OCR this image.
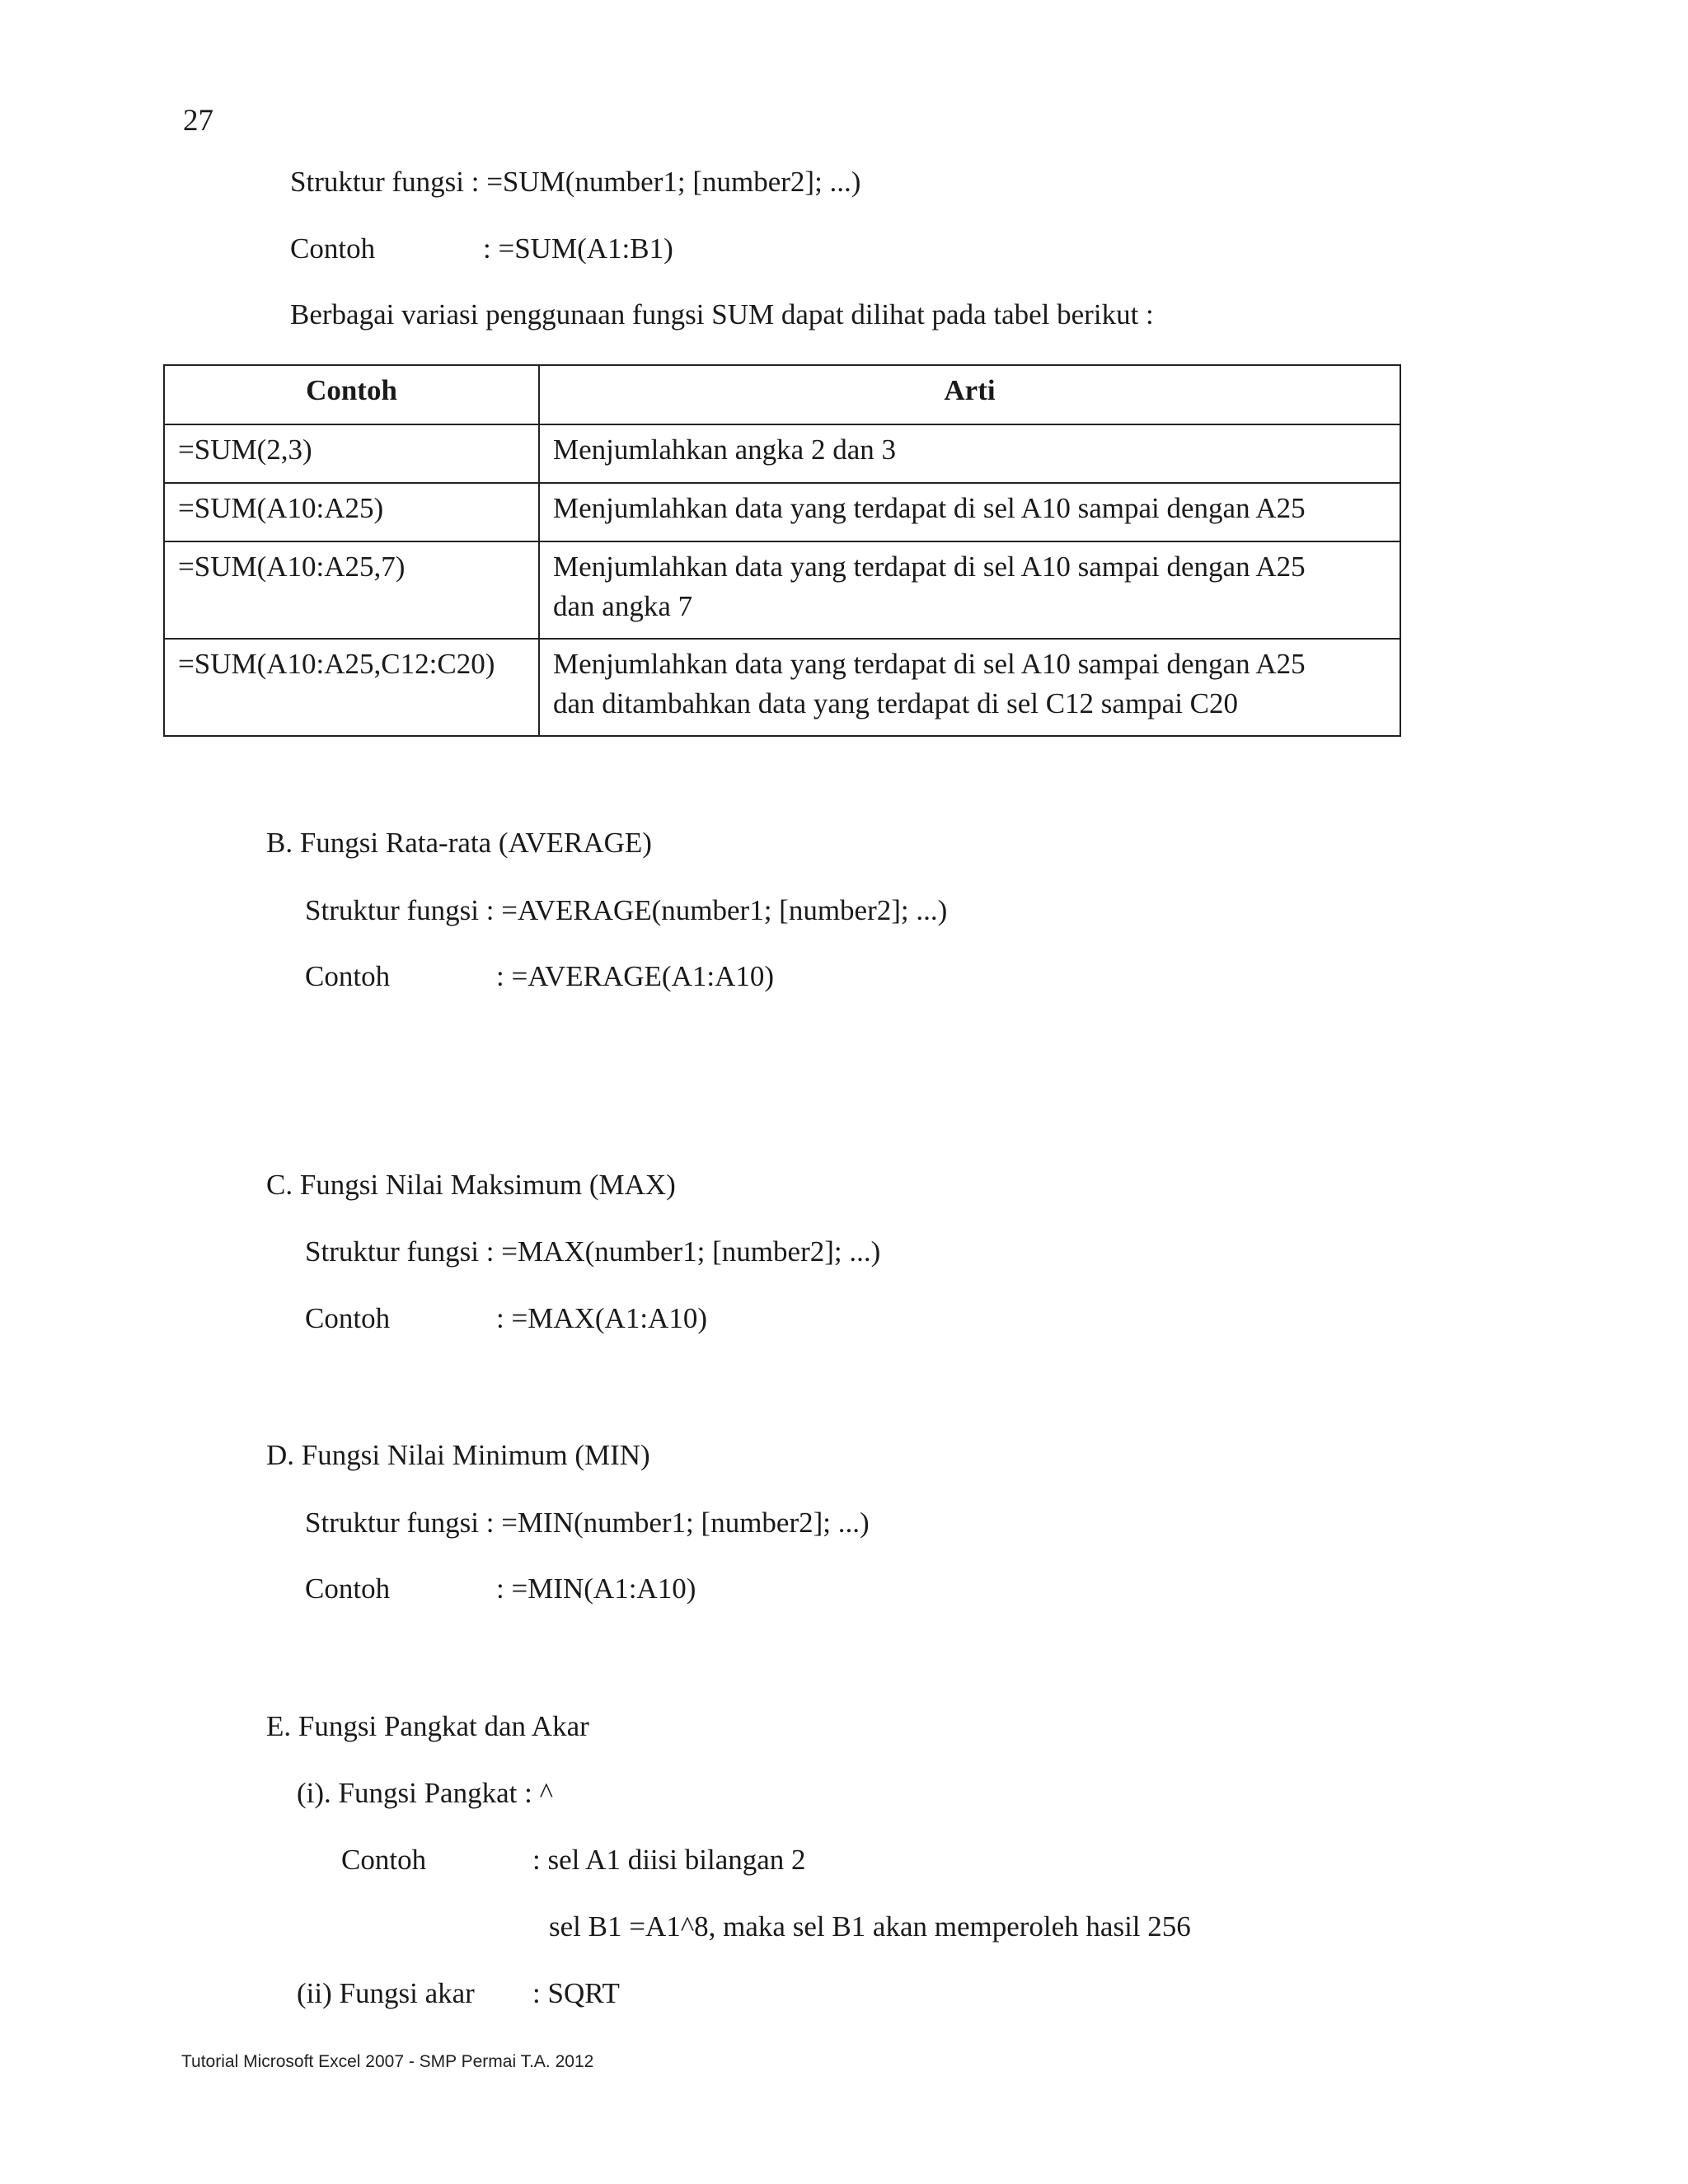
27
Struktur fungsi : =SUM(number1; [number2]; ...)
Contoh	: =SUM(A1:B1)
Berbagai variasi penggunaan fungsi SUM dapat dilihat pada tabel berikut :
Contoh	Arti
=SUM(2,3)	Menjumlahkan angka 2 dan 3
=SUM(A10:A25)	Menjumlahkan data yang terdapat di sel A10 sampai dengan A25
=SUM(A10:A25,7)	Menjumlahkan data yang terdapat di sel A10 sampai dengan A25
dan angka 7

=SUM(A10:A25,C12:C20)	Menjumlahkan data yang terdapat di sel A10 sampai dengan A25
dan ditambahkan data yang terdapat di sel C12 sampai C20
B. Fungsi Rata-rata (AVERAGE)
Struktur fungsi : =AVERAGE(number1; [number2]; ...)
Contoh	: =AVERAGE(A1:A10)
C. Fungsi Nilai Maksimum (MAX)
Struktur fungsi : =MAX(number1; [number2]; ...)
Contoh	: =MAX(A1:A10)
D. Fungsi Nilai Minimum (MIN)
Struktur fungsi : =MIN(number1; [number2]; ...)
Contoh	: =MIN(A1:A10)
E. Fungsi Pangkat dan Akar
(i). Fungsi Pangkat : ^
Contoh	: sel A1 diisi bilangan 2
sel B1 =A1^8, maka sel B1 akan memperoleh hasil 256
(ii) Fungsi akar : SQRT
Tutorial Microsoft Excel 2007 - SMP Permai T.A. 2012
